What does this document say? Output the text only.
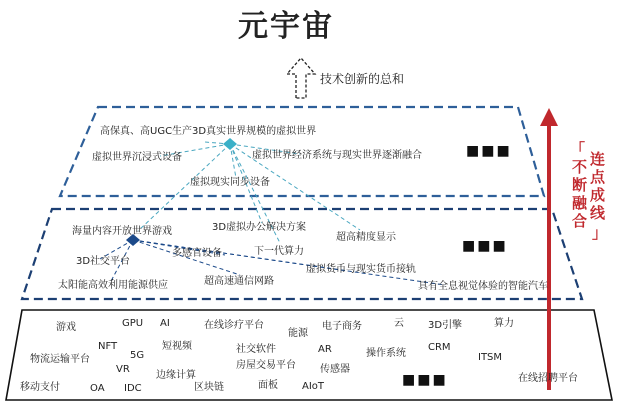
元宇宙
技术创新的总和
「
连
点
成
线
不
断
融
合
」
高保真、高UGC生产3D真实世界规模的虚拟世界
虚拟世界沉浸式设备	虚拟世界经济系统与现实世界逐渐融合
虚拟现实同步设备
■■■
海量内容开放世界游戏	3D虚拟办公解决方案
下一代算力
超高精度显示
3D社交平台
多感官设备
虚拟货币与现实货币接轨
太阳能高效利用能源供应	超高速通信网路	具有全息视觉体验的智能汽车
■■■
游戏	GPU AI	在线诊疗平台
能源
电子商务	云 3D引擎	算力
NFT
物流运输平台	5G
短视频	社交软件	AR	操作系统
CRM
ITSM
VR
边缘计算
房屋交易平台 传感器
移动支付	OA IDC	区块链	面板 AIoT
在线招聘平台
■■■
